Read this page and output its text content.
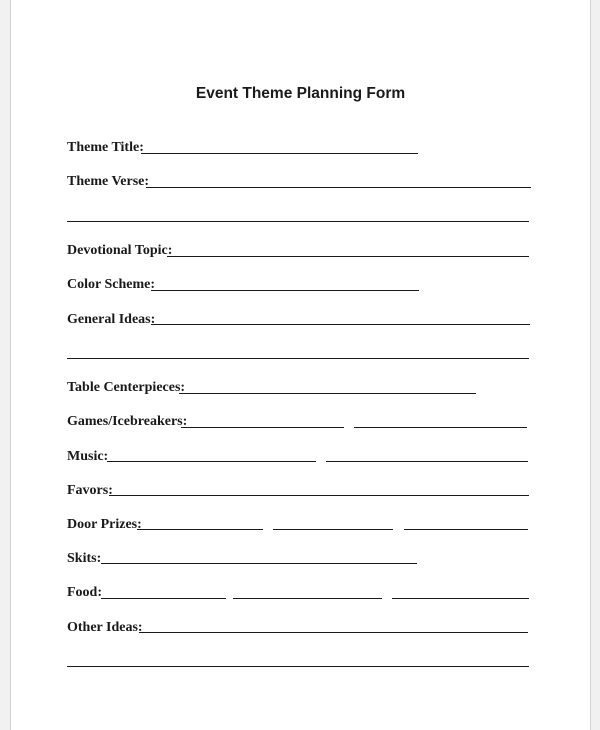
Event Theme Planning Form
Theme Title:
Theme Verse:
Devotional Topic:
Color Scheme:
General Ideas:
Table Centerpieces:
Games/Icebreakers:
Music:
Favors:
Door Prizes:
Skits:
Food:
Other Ideas:
